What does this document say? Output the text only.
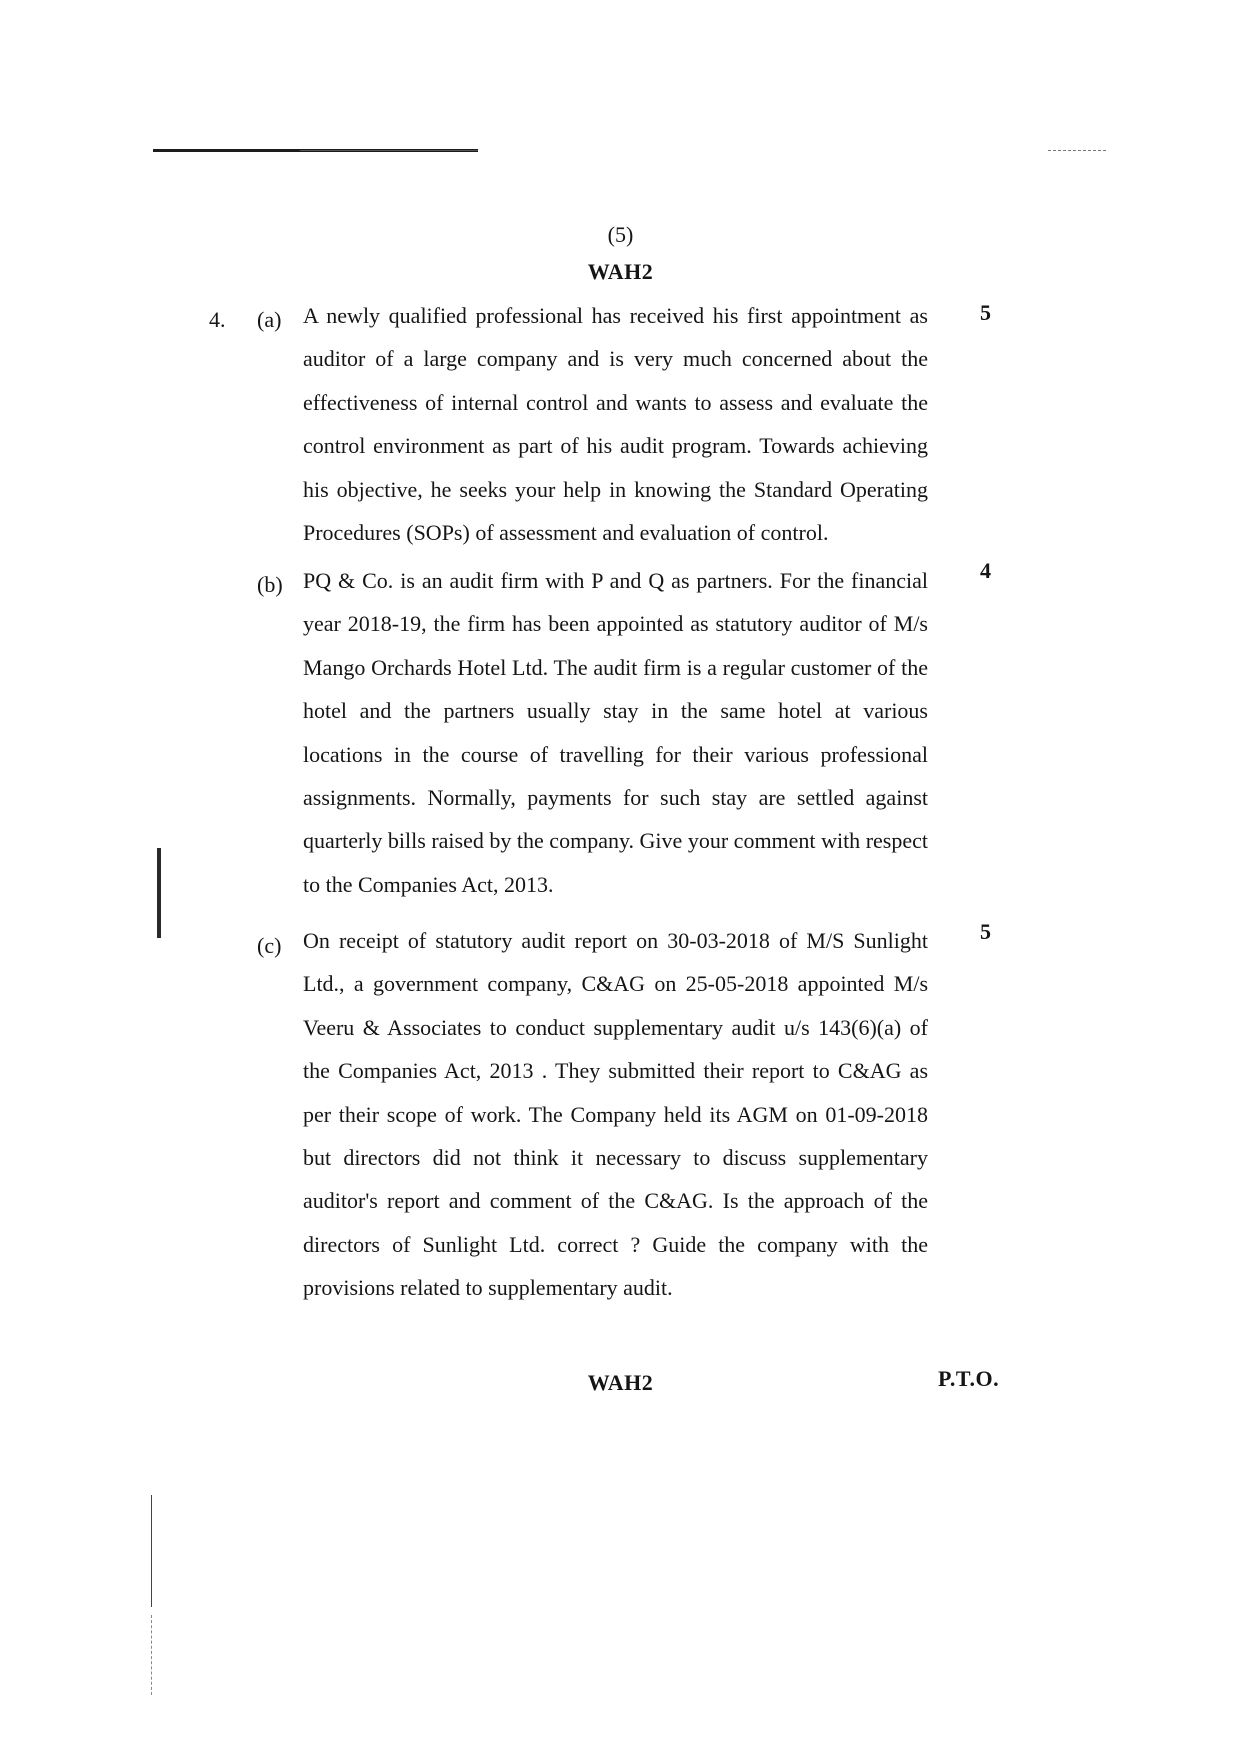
(5)
WAH2
4. (a) A newly qualified professional has received his first appointment as auditor of a large company and is very much concerned about the effectiveness of internal control and wants to assess and evaluate the control environment as part of his audit program. Towards achieving his objective, he seeks your help in knowing the Standard Operating Procedures (SOPs) of assessment and evaluation of control.
5
(b) PQ & Co. is an audit firm with P and Q as partners. For the financial year 2018-19, the firm has been appointed as statutory auditor of M/s Mango Orchards Hotel Ltd. The audit firm is a regular customer of the hotel and the partners usually stay in the same hotel at various locations in the course of travelling for their various professional assignments. Normally, payments for such stay are settled against quarterly bills raised by the company. Give your comment with respect to the Companies Act, 2013.
4
(c) On receipt of statutory audit report on 30-03-2018 of M/S Sunlight Ltd., a government company, C&AG on 25-05-2018 appointed M/s Veeru & Associates to conduct supplementary audit u/s 143(6)(a) of the Companies Act, 2013 . They submitted their report to C&AG as per their scope of work. The Company held its AGM on 01-09-2018 but directors did not think it necessary to discuss supplementary auditor's report and comment of the C&AG. Is the approach of the directors of Sunlight Ltd. correct ? Guide the company with the provisions related to supplementary audit.
5
WAH2	P.T.O.
